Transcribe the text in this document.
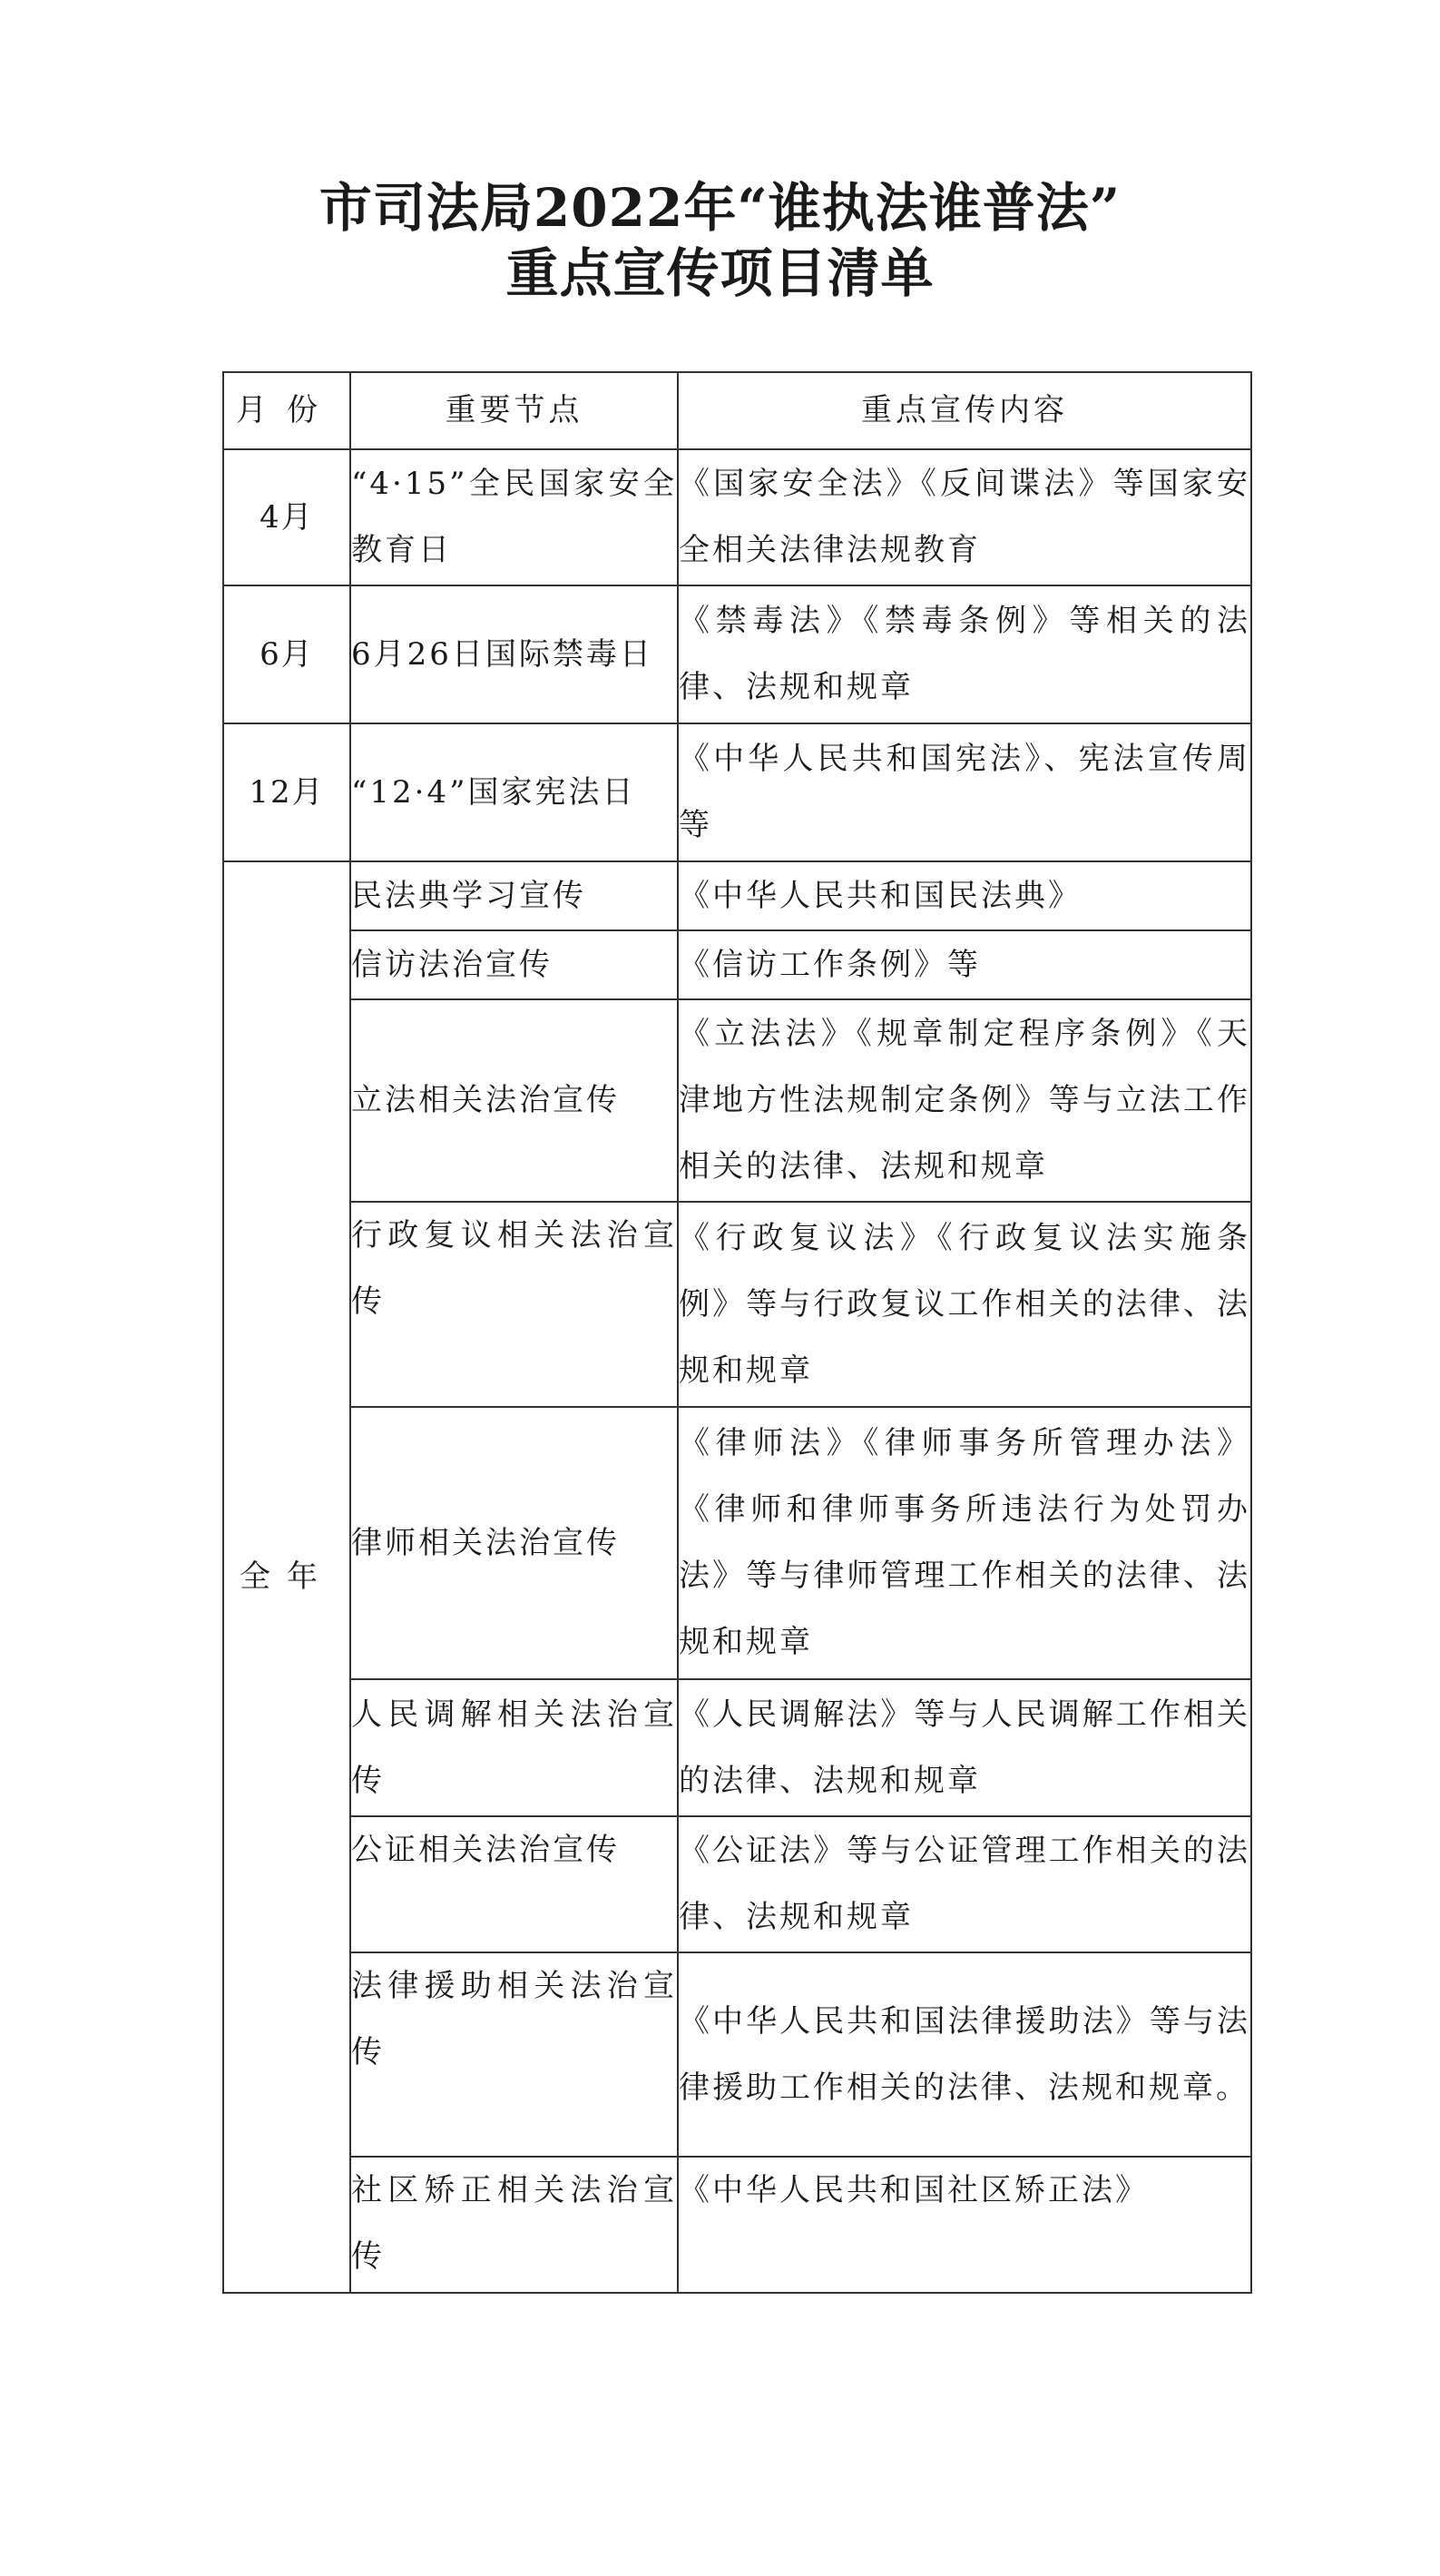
市司法局2022年“谁执法谁普法”
重点宣传项目清单
月份	重要节点	重点宣传内容
4月	“4·15”全民国家安全教育日	《国家安全法》《反间谍法》等国家安全相关法律法规教育
6月	6月26日国际禁毒日	《禁毒法》《禁毒条例》等相关的法律、法规和规章
12月	“12·4”国家宪法日	《中华人民共和国宪法》、宪法宣传周等
全年	民法典学习宣传	《中华人民共和国民法典》
	信访法治宣传	《信访工作条例》等
	立法相关法治宣传	《立法法》《规章制定程序条例》《天津地方性法规制定条例》等与立法工作相关的法律、法规和规章
	行政复议相关法治宣传	《行政复议法》《行政复议法实施条例》等与行政复议工作相关的法律、法规和规章
	律师相关法治宣传	《律师法》《律师事务所管理办法》《律师和律师事务所违法行为处罚办法》等与律师管理工作相关的法律、法规和规章
	人民调解相关法治宣传	《人民调解法》等与人民调解工作相关的法律、法规和规章
	公证相关法治宣传	《公证法》等与公证管理工作相关的法律、法规和规章
	法律援助相关法治宣传	《中华人民共和国法律援助法》等与法律援助工作相关的法律、法规和规章。
	社区矫正相关法治宣传	《中华人民共和国社区矫正法》
